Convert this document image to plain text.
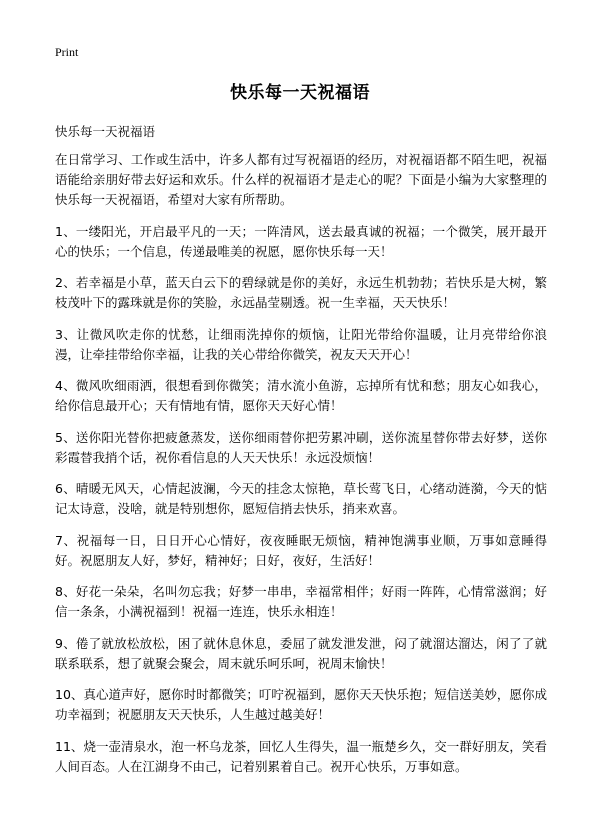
Print
快乐每一天祝福语
快乐每一天祝福语

在日常学习、工作或生活中，许多人都有过写祝福语的经历，对祝福语都不陌生吧，祝福语能给亲朋好带去好运和欢乐。什么样的祝福语才是走心的呢？下面是小编为大家整理的快乐每一天祝福语，希望对大家有所帮助。

1、一缕阳光，开启最平凡的一天；一阵清风，送去最真诚的祝福；一个微笑，展开最开心的快乐；一个信息，传递最唯美的祝愿，愿你快乐每一天！

2、若幸福是小草，蓝天白云下的碧绿就是你的美好，永远生机勃勃；若快乐是大树，繁枝茂叶下的露珠就是你的笑脸，永远晶莹剔透。祝一生幸福，天天快乐！

3、让微风吹走你的忧愁，让细雨洗掉你的烦恼，让阳光带给你温暖，让月亮带给你浪漫，让牵挂带给你幸福，让我的关心带给你微笑，祝友天天开心！

4、微风吹细雨洒，很想看到你微笑；清水流小鱼游，忘掉所有忧和愁；朋友心如我心，给你信息最开心；天有情地有情，愿你天天好心情！

5、送你阳光替你把疲惫蒸发，送你细雨替你把劳累冲刷，送你流星替你带去好梦，送你彩霞替我捎个话，祝你看信息的人天天快乐！永远没烦恼！

6、晴暖无风天，心情起波澜，今天的挂念太惊艳，草长莺飞日，心绪动涟漪，今天的惦记太诗意，没啥，就是特别想你，愿短信捎去快乐，捎来欢喜。

7、祝福每一日，日日开心心情好，夜夜睡眠无烦恼，精神饱满事业顺，万事如意睡得好。祝愿朋友人好，梦好，精神好；日好，夜好，生活好！

8、好花一朵朵，名叫勿忘我；好梦一串串，幸福常相伴；好雨一阵阵，心情常滋润；好信一条条，小满祝福到！祝福一连连，快乐永相连！

9、倦了就放松放松，困了就休息休息，委屈了就发泄发泄，闷了就溜达溜达，闲了了就联系联系，想了就聚会聚会，周末就乐呵乐呵，祝周末愉快！

10、真心道声好，愿你时时都微笑；叮咛祝福到，愿你天天快乐抱；短信送美妙，愿你成功幸福到；祝愿朋友天天快乐，人生越过越美好！

11、烧一壶清泉水，泡一杯乌龙茶，回忆人生得失，温一瓶楚乡久，交一群好朋友，笑看人间百态。人在江湖身不由己，记着别累着自己。祝开心快乐，万事如意。
